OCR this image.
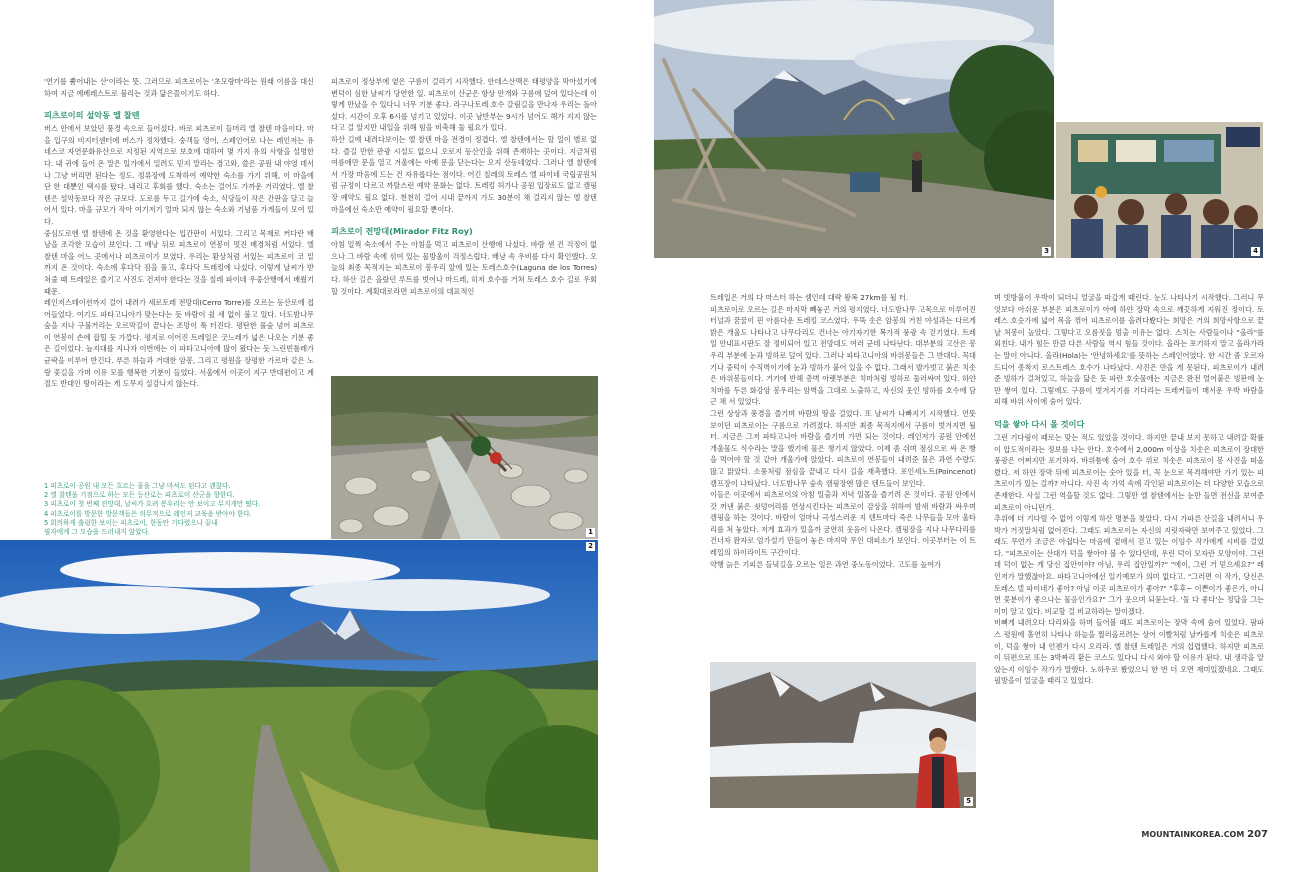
'연기를 뿜어내는 산'이라는 뜻. 그러므로 피츠로이는 '초모랑마'라는 원래 이름을 대신하여 지금 에베레스트로 불리는 것과 닮은꼴이기도 하다.

피츠로이의 설악동 엘 찰텐

버스 안에서 보았던 풍경 속으로 들어섰다. 바로 피츠로이 들머리 엘 찰텐 마을이다. 마을 입구의 비지터센터에 버스가 정차했다. 숭객들 영어, 스페인어로 나는 레인저는 유네스코 자연문화유산으로 지정된 지역으로 보호에 대하여 몇 가지 유의 사항을 설명한다. 내 귀에 들어 온 말은 일가에서 밀려도 믿지 말라는 경고와, 쓸은 공원 내 야영 데서나 그냥 버리면 된다는 정도. 정류장에 도착하여 예약한 숙소를 가기 위해, 이 마을에 단 한 대뿐인 택시를 탔다. 내리고 후회를 했다. 숙소는 걸어도 가까운 거리였다. 엘 찰텐은 설악동보다 작은 규모다. 도로를 두고 길가에 숙소, 식당들이 작은 간판을 달고 늘어서 있다. 마을 규모가 작아 여기저기 얼마 되지 않는 숙소와 기념품 가게들이 모여 있다.

중심도로엔 엘 찰텐에 온 것을 환영한다는 입간판이 서있다. 그리고 목재로 커다란 배낭을 조각한 모습이 보인다. 그 배낭 뒤로 피츠로이 연봉이 멋진 배경처럼 서있다. 엘 찰텐 마을 어느 곳에서나 피츠로이가 보였다. 우리는 환상처럼 서있는 피츠로이 코 밑까지 온 것이다. 숙소에 후다닥 짐을 풀고, 후다닥 트레킹에 나섰다. 이렇게 날씨가 받쳐줄 때 트레일은 즐기고 사진도 건져야 한다는 것을 칠레 파이네 우중산행에서 배웠기 때문.

레인저스테이션까지 걸어 내려가 세로토레 전망대(Cerro Torre)를 오르는 등산로에 접어들었다. 여기도 파타고니아가 맞는다는 듯 바람이 쉴 새 없이 불고 있다. 너도밤나무 숲을 지나 구불거리는 오르막길이 끝나는 조망이 툭 터진다. 평탄한 풀숲 넘어 피츠로이 연봉이 손에 잡힐 듯 가깝다. 평지로 이어진 트레일은 굿느레가 넓은 나오는 기분 좋은 길이었다. 늪지대를 지나자 이번에는 이 파타고니아에 많이 왔다는 듯 느린빈틀레가 균락을 이루어 반긴다. 푸른 하늘과 거대한 암봉, 그리고 평원을 장평한 가르마 같은 노랑 꽃길을 가며 이유 모를 행복한 기분이 들었다. 서울에서 이곳이 지구 반대편이고 계절도 반대인 땅이라는 게 도무지 실감나지 않는다.

피츠로이 정상부에 옅은 구름이 걸리기 시작했다. 안데스산맥은 태평양을 막아섰기에 변덕이 심한 날씨가 당연한 일. 피츠로이 산군은 항상 안개와 구름에 덮여 있다는데 이렇게 만났을 수 있다니 너무 기분 좋다. 라구나토레 호수 갈림길을 만나자 우리는 돌아섰다. 시간이 오후 6시를 넘기고 있었다. 이곳 남반부는 9시가 넘어도 해가 지지 않는다고 걸 알지만 내일을 위해 힘을 비축해 둘 필요가 있다.

하산 길에 내려다보이는 엘 찰텐 마을 전경이 정겹다. 엘 찰텐에서는 할 일이 별로 없다. 즐길 만한 관광 시설도 없으니 오로지 등산인을 위해 존재하는 곳이다. 지금처럼 여름에만 문을 열고 겨울에는 아예 문을 닫는다는 오지 산동네였다. 그러나 엘 찰텐에서 가장 마음에 드는 건 자유롭다는 점이다. 어긴 칠레의 토레스 엘 파이네 국립공원처럼 규정이 다르고 까탈스런 예약 문화는 없다. 트레킹 허가나 공원 입장료도 없고 캠핑장 예약도 필요 없다. 천천히 걸어 시내 끝까지 가도 30분이 채 걸리지 않는 엘 찰텐 마을에선 숙소만 예약이 필요할 뿐이다.

피츠로이 전망대(Mirador Fitz Roy)

아침 일찍 숙소에서 주는 아침을 먹고 피츠로이 산행에 나섰다. 바람 센 건 걱정이 없으나 그 바람 속에 섞여 있는 물방울이 걱정스럽다. 배낭 속 우비를 다시 확인했다. 오늘의 최종 목적지는 피츠로이 봉우리 앞에 있는 토레스호수(Laguna de los Torres)다. 하산 길은 올랐던 루트를 벗어나 마드레, 히저 호수를 거쳐 토레스 호수 길로 우회할 것이다. 계획대로라면 피츠로이의 대표적인

1 피츠로이 공원 내 모든 흐르는 물을 그냥 마셔도 된다고 괜찮다.
2 엘 찰텐을 기점으로 하는 모든 등산로는 피츠로이 산군을 향한다.
3 피츠로이 첫 번째 전망대, 날씨가 흐려 봉우리는 안 보이고 무지개만 떴다.
4 피츠로이를 방문한 방문객들은 의무적으로 레인저 교육을 받아야 한다.
5 회의하게 출렁한 보이는 피츠로이, 한동안 기다렸으나 끝내
필자에게 그 모습을 드러내지 않았다.	1
2
3	4

트레일은 거의 다 마스터 하는 셈인데 대략 왕복 27km를 될 터.

피츠로이로 오르는 길은 마지막 빼놓곤 거의 평지였다. 너도밤나무 고목으로 이루어진 터널과 꿈꿀이 핀 아름다운 트레킹 코스였다. 우뚝 솟은 암봉의 거친 야성과는 다르게 밝은 개울도 나타나고 나무다리도 건너는 아기자기한 복가적 풍광 속 걷기였다. 트레일 안내표시판도 잘 정비되어 있고 전망대도 여러 군데 나타난다. 대부분의 고산은 봉우리 부분에 눈과 빙하로 덮여 있다. 그러나 파타고니아의 바위봉들은 그 반대다. 꼭대기나 중턱이 수직벽이기에 눈과 빙하가 붙어 있을 수 없다. 그래서 발가벗고 붉은 치솟은 바위봉들이다. 거기에 반해 층벽 아랫부분은 치마처럼 빙하로 둘러싸여 있다. 하얀 치마를 두른 화강암 봉우리는 암벽을 그대로 노출하고, 자신의 웃인 빙하를 호수에 담근 채 서 있었다.

그런 상상과 풍경을 즐기며 바람의 땅을 걸었다. 또 날씨가 나빠지기 시작했다. 언뜻 보이던 피츠로이는 구름으로 가려졌다. 하지만 최종 목적지에서 구름이 벗겨지면 될 터. 지금은 그저 파타고니아 바람을 즐기며 가면 되는 것이다. 레인저가 공원 안에선 개울물도 식수라는 말을 했기에 물은 챙기지 않았다. 이제 좀 쉬며 점심으로 싸 온 빵을 먹어야 할 것 같아 개울가에 앉았다. 피츠로이 연봉들이 내려준 물은 과연 수량도 많고 맑았다. 소풍처럼 점심을 끝내고 다시 길을 재촉했다. 포인세노트(Poincenot) 캠프장이 나타났다. 너도밤나무 숲속 캠핑장엔 많은 텐트들이 보인다.

이들은 이곳에서 피츠로이의 아침 일출과 저녁 일몰을 즐기려 온 것이다. 공원 안에서 갓 꺼낸 붉은 쇳덩어리를 연상시킨다는 피츠로이 감상을 위하여 밤새 바람과 싸우며 캠핑을 하는 것이다. 바람이 얼마나 극성스러운 지 텐트마다 죽은 나무들을 모아 울타리를 쳐 놓았다. 저게 효과가 있을까 궁연히 웃음이 나온다. 캠핑장을 지나 나무다리를 건너자 완자로 엄가설기 만들어 놓은 마지막 무인 대피소가 보인다. 이곳부터는 이 트레일의 하이라이트 구간이다.

약행 늙은 기피른 들녘길을 오르는 일은 과연 중노동이었다. 고도를 높여가

5

며 빗방울이 우박이 되더니 얼굴을 따갑게 때린다. 눈도 나타나기 시작했다. 그러니 무엇보다 아쉬운 부분은 피츠로이가 아예 하얀 장막 속으로 깨끗하게 지워진 정이다. 토레스 호숫가에 넓어 목을 꺾어 피츠로이를 올려다봤다는 희망은 거의 희망사항으로 끝날 처봉이 높았다. 그렇다고 오름짓을 멈출 이유는 없다. 스치는 사람들이나 "올라"를 외친다. 내가 힘든 만큼 다른 사람들 역시 힘들 것이다. 올라는 포기하지 말고 올라가라는 말이 아니다. 올라(Hola)는 '안녕하세요'를 뜻하는 스페인어였다. 한 시간 좀 오르자 드디어 종착지 로스트레스 호수가 나타났다. 사진은 만을 게 못된다. 피츠로이가 내려준 빙하가 걸쳐있고, 하늘을 닮은 듯 파란 호숫물에는 지금은 완전 얼어붙은 빙판에 눈만 쌓여 있다. 그렇에도 구름이 벗겨지기를 기다리는 트레커들이 매서운 우박 바람을 피해 바위 사이에 숨어 있다.

덕을 쌓아 다시 올 것이다

그런 기다림이 때로는 맞는 적도 있었을 것이다. 하지만 끝내 보지 못하고 내려갈 확률이 압도적이라는 정보를 나는 안다. 호수에서 2,000m 이상을 치솟은 피츠로이 장대한 풍광은 어쩌지만 포기하자. 바위틈에 숨어 호수 위로 치솟은 피츠로이 봉 사진을 떠올렸다. 저 하얀 장막 뒤에 피츠로이는 숫아 있을 터, 꼭 눈으로 목격해야만 가기 있는 피츠로이가 있는 걸까? 아니다. 사진 속 가억 속에 각인된 피츠로이는 더 다양한 모습으로 존재한다. 사실 그런 역을할 것도 없다. 그렇만 엘 찰텐에서는 눈만 들면 전신을 보여준 피츠로이 아니던가.

추위에 더 기다릴 수 없어 이렇게 하산 명분을 찾았다. 다시 가파른 산길을 내려서니 우박가 거짓말처럼 없어진다. 그래도 피츠로이는 자신의 지릿자락만 보여주고 있었다. 그래도 무언가 조금은 아쉽다는 마음에 곁에서 걷고 있는 이임수 작가에게 시비를 걸었다. "피츠로이는 산대가 덕을 쌓아야 볼 수 있다던데, 우린 덕이 모자란 모양이야. 그런데 덕이 없는 게 당신 집안이야? 아님, 우리 집안일까?" "에이, 그런 거 믿으세요?" 레인저가 말했잖아요. 파타고니아에선 일기예보가 의미 없다고. "그러면 이 작가, 당신은 토레스 델 파이네가 좋아? 아님 이곳 피츠로이가 좋아?" "후후~ 이쁜이가 좋은가, 아니면 꽃분이가 좋으나는 물음인가요?" 그가 웃으며 되묻는다. '둘 다 좋다'는 정답을 그는 이미 알고 있다. 비교할 걸 비교하라는 말이겠다.

비뼈게 내려오다 다리와을 하며 들어볼 때도 피츠로이는 장막 속에 숨어 있었다. 팜파스 평원에 홀연히 나타나 하늘을 찔러올르려는 상어 이빨처럼 날카롭게 치솟은 피츠로이, 덕을 쌓아 내 언젠가 다시 오리라. 엘 찰텐 트레일은 거의 섭렵했다. 하지만 피츠로이 뒤편으로 또는 3박짜리 환든 코스도 있다니 다시 와야 할 이유가 된다. 내 생각을 알았는지 이임수 작가가 말했다. 노하우로 봤었으니 한 번 더 오면 재미있겠네요. 그때도 필방을이 얼굴을 때리고 있었다.

MOUNTAINKOREA.COM 207
